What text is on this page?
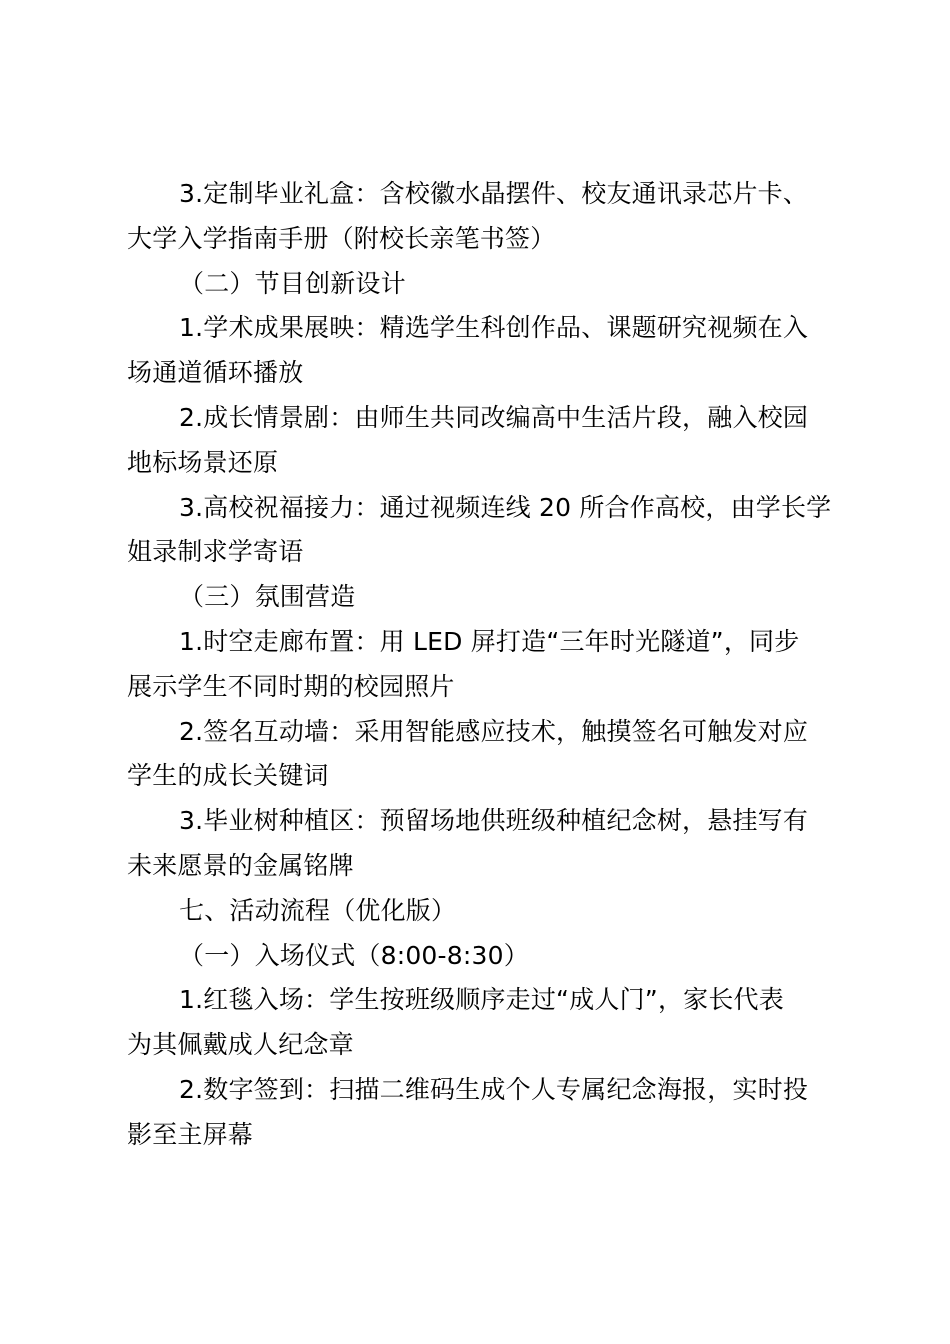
3.定制毕业礼盒：含校徽水晶摆件、校友通讯录芯片卡、
大学入学指南手册（附校长亲笔书签）
（二）节目创新设计
1.学术成果展映：精选学生科创作品、课题研究视频在入
场通道循环播放
2.成长情景剧：由师生共同改编高中生活片段，融入校园
地标场景还原
3.高校祝福接力：通过视频连线 20 所合作高校，由学长学
姐录制求学寄语
（三）氛围营造
1.时空走廊布置：用 LED 屏打造“三年时光隧道”，同步
展示学生不同时期的校园照片
2.签名互动墙：采用智能感应技术，触摸签名可触发对应
学生的成长关键词
3.毕业树种植区：预留场地供班级种植纪念树，悬挂写有
未来愿景的金属铭牌
七、活动流程（优化版）
（一）入场仪式（8:00-8:30）
1.红毯入场：学生按班级顺序走过“成人门”，家长代表
为其佩戴成人纪念章
2.数字签到：扫描二维码生成个人专属纪念海报，实时投
影至主屏幕
